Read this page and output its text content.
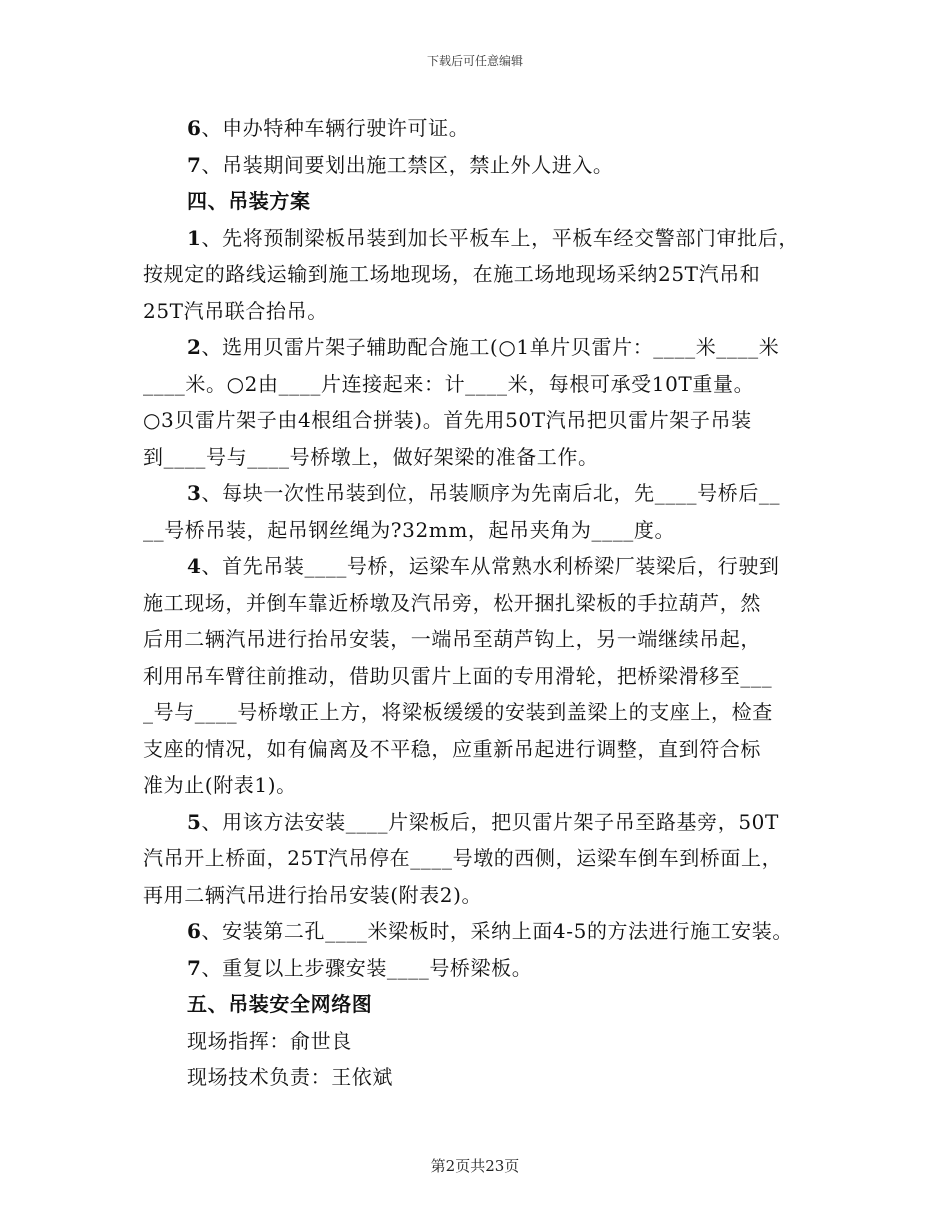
下载后可任意编辑
6、申办特种车辆行驶许可证。
7、吊装期间要划出施工禁区，禁止外人进入。
四、吊装方案
1、先将预制梁板吊装到加长平板车上，平板车经交警部门审批后，
按规定的路线运输到施工场地现场，在施工场地现场采纳25T汽吊和
25T汽吊联合抬吊。
2、选用贝雷片架子辅助配合施工(○1单片贝雷片：____米____米
____米。○2由____片连接起来：计____米，每根可承受10T重量。
○3贝雷片架子由4根组合拼装)。首先用50T汽吊把贝雷片架子吊装
到____号与____号桥墩上，做好架梁的准备工作。
3、每块一次性吊装到位，吊装顺序为先南后北，先____号桥后__
__号桥吊装，起吊钢丝绳为?32mm，起吊夹角为____度。
4、首先吊装____号桥，运梁车从常熟水利桥梁厂装梁后，行驶到
施工现场，并倒车靠近桥墩及汽吊旁，松开捆扎梁板的手拉葫芦，然
后用二辆汽吊进行抬吊安装，一端吊至葫芦钩上，另一端继续吊起，
利用吊车臂往前推动，借助贝雷片上面的专用滑轮，把桥梁滑移至___
_号与____号桥墩正上方，将梁板缓缓的安装到盖梁上的支座上，检查
支座的情况，如有偏离及不平稳，应重新吊起进行调整，直到符合标
准为止(附表1)。
5、用该方法安装____片梁板后，把贝雷片架子吊至路基旁，50T
汽吊开上桥面，25T汽吊停在____号墩的西侧，运梁车倒车到桥面上，
再用二辆汽吊进行抬吊安装(附表2)。
6、安装第二孔____米梁板时，采纳上面4-5的方法进行施工安装。
7、重复以上步骤安装____号桥梁板。
五、吊装安全网络图
现场指挥：俞世良
现场技术负责：王依斌
第2页共23页
